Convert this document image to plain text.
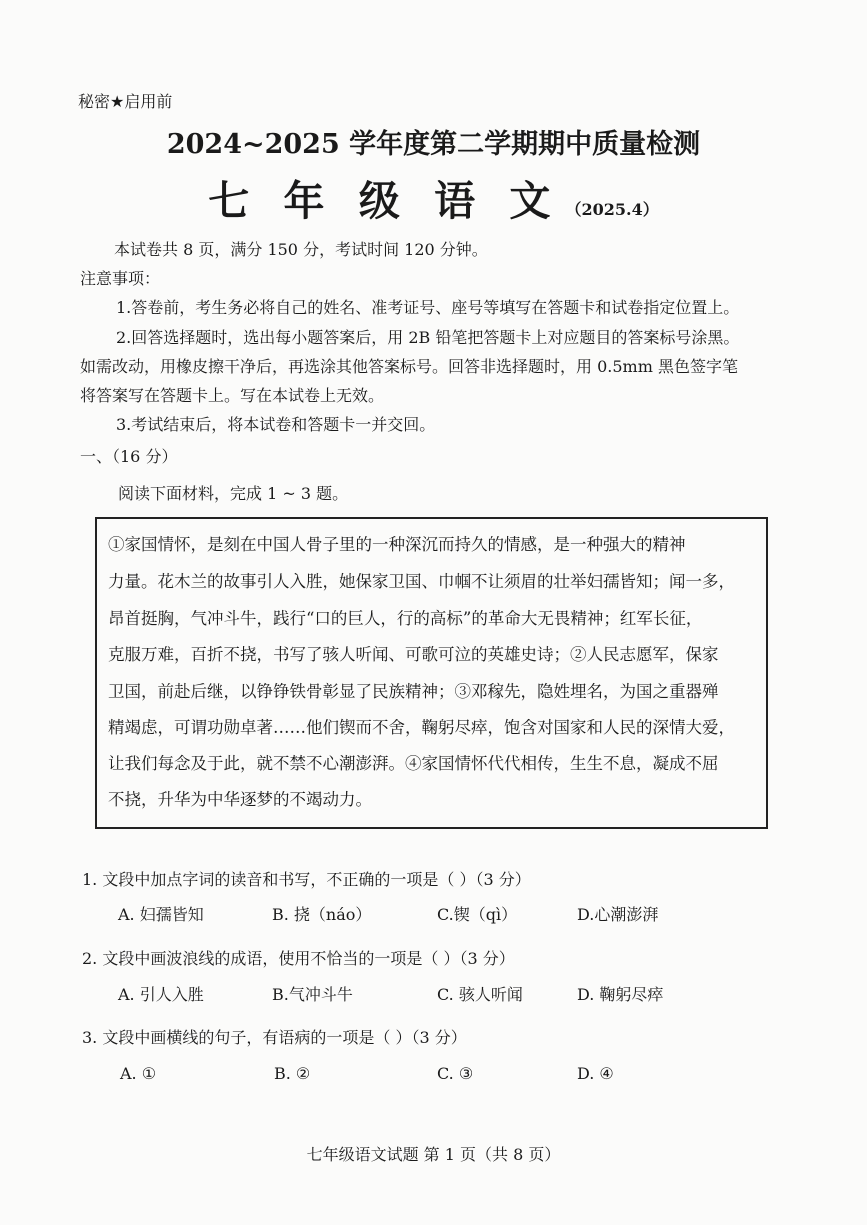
秘密★启用前
2024~2025 学年度第二学期期中质量检测
七 年 级 语 文 （2025.4）
本试卷共 8 页，满分 150 分，考试时间 120 分钟。
注意事项：
1.答卷前，考生务必将自己的姓名、准考证号、座号等填写在答题卡和试卷指定位置上。
2.回答选择题时，选出每小题答案后，用 2B 铅笔把答题卡上对应题目的答案标号涂黑。
如需改动，用橡皮擦干净后，再选涂其他答案标号。回答非选择题时，用 0.5mm 黑色签字笔
将答案写在答题卡上。写在本试卷上无效。
3.考试结束后，将本试卷和答题卡一并交回。
一、（16 分）
阅读下面材料，完成 1 ~ 3 题。
①家国情怀，是刻在中国人骨子里的一种深沉而持久的情感，是一种强大的精神
力量。花木兰的故事引人入胜，她保家卫国、巾帼不让须眉的壮举妇孺皆知；闻一多，
昂首挺胸，气冲斗牛，践行“口的巨人，行的高标”的革命大无畏精神；红军长征，
克服万难，百折不挠，书写了骇人听闻、可歌可泣的英雄史诗；②人民志愿军，保家
卫国，前赴后继，以铮铮铁骨彰显了民族精神；③邓稼先，隐姓埋名，为国之重器殚
精竭虑，可谓功勋卓著……他们锲而不舍，鞠躬尽瘁，饱含对国家和人民的深情大爱，
让我们每念及于此，就不禁不心潮澎湃。④家国情怀代代相传，生生不息，凝成不屈
不挠，升华为中华逐梦的不竭动力。
1. 文段中加点字词的读音和书写，不正确的一项是（ ）（3 分）
A. 妇孺皆知	B. 挠（náo）	C.锲（qì）	D.心潮澎湃
2. 文段中画波浪线的成语，使用不恰当的一项是（ ）（3 分）
A. 引人入胜	B.气冲斗牛	C. 骇人听闻	D. 鞠躬尽瘁
3. 文段中画横线的句子，有语病的一项是（ ）（3 分）
A. ①	B. ②	C. ③	D. ④
七年级语文试题 第 1 页（共 8 页）
